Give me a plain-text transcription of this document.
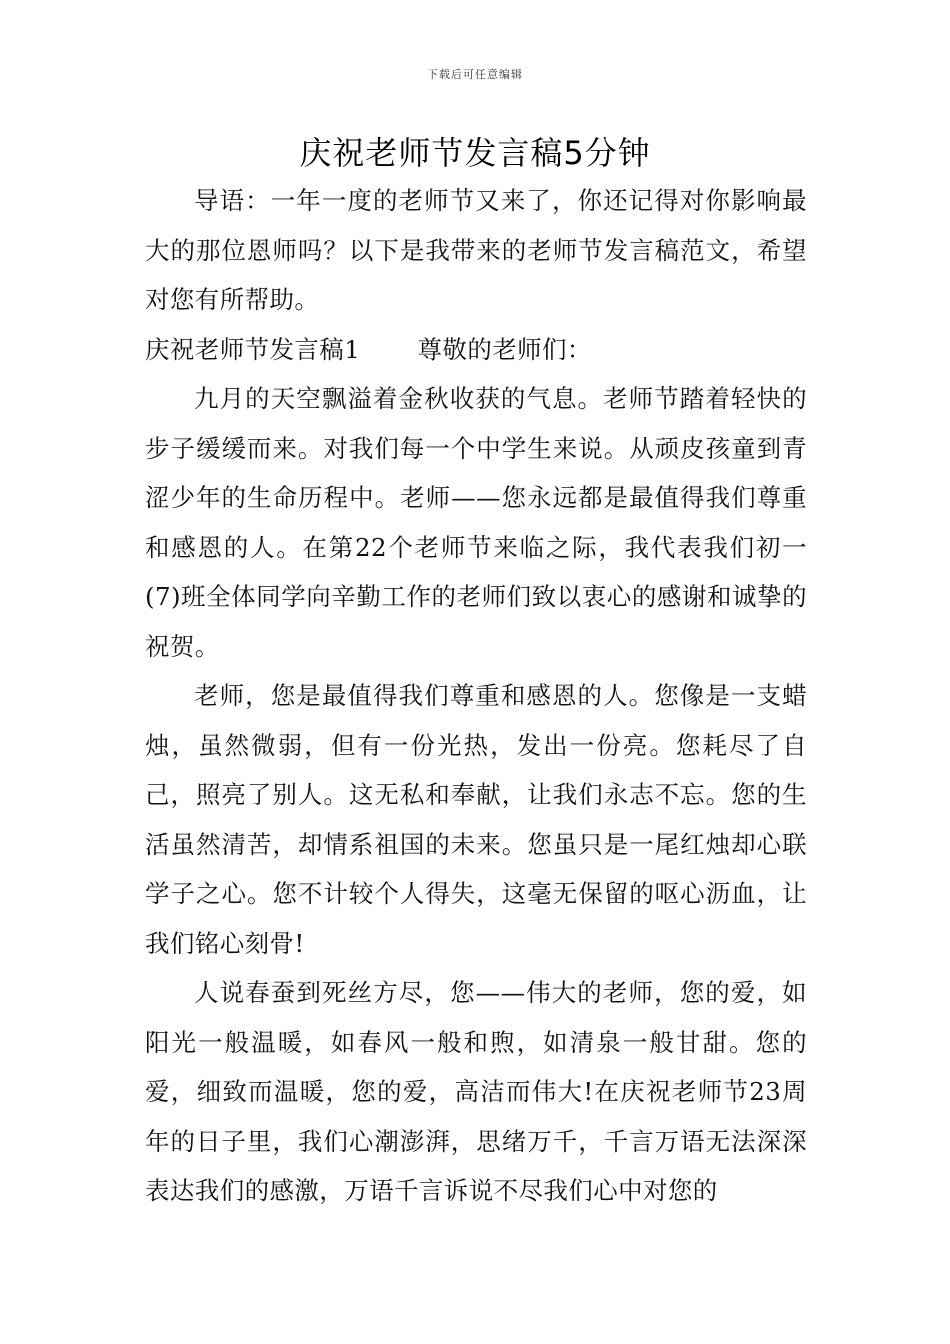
下载后可任意编辑
庆祝老师节发言稿5分钟

导语：一年一度的老师节又来了，你还记得对你影响最大的那位恩师吗？以下是我带来的老师节发言稿范文，希望对您有所帮助。

庆祝老师节发言稿1 尊敬的老师们：

九月的天空飘溢着金秋收获的气息。老师节踏着轻快的步子缓缓而来。对我们每一个中学生来说。从顽皮孩童到青涩少年的生命历程中。老师——您永远都是最值得我们尊重和感恩的人。在第22个老师节来临之际，我代表我们初一(7)班全体同学向辛勤工作的老师们致以衷心的感谢和诚挚的祝贺。

老师，您是最值得我们尊重和感恩的人。您像是一支蜡烛，虽然微弱，但有一份光热，发出一份亮。您耗尽了自己，照亮了别人。这无私和奉献，让我们永志不忘。您的生活虽然清苦，却情系祖国的未来。您虽只是一尾红烛却心联学子之心。您不计较个人得失，这毫无保留的呕心沥血，让我们铭心刻骨!

人说春蚕到死丝方尽，您——伟大的老师，您的爱，如阳光一般温暖，如春风一般和煦，如清泉一般甘甜。您的爱，细致而温暖，您的爱，高洁而伟大!在庆祝老师节23周年的日子里，我们心潮澎湃，思绪万千，千言万语无法深深表达我们的感激，万语千言诉说不尽我们心中对您的
